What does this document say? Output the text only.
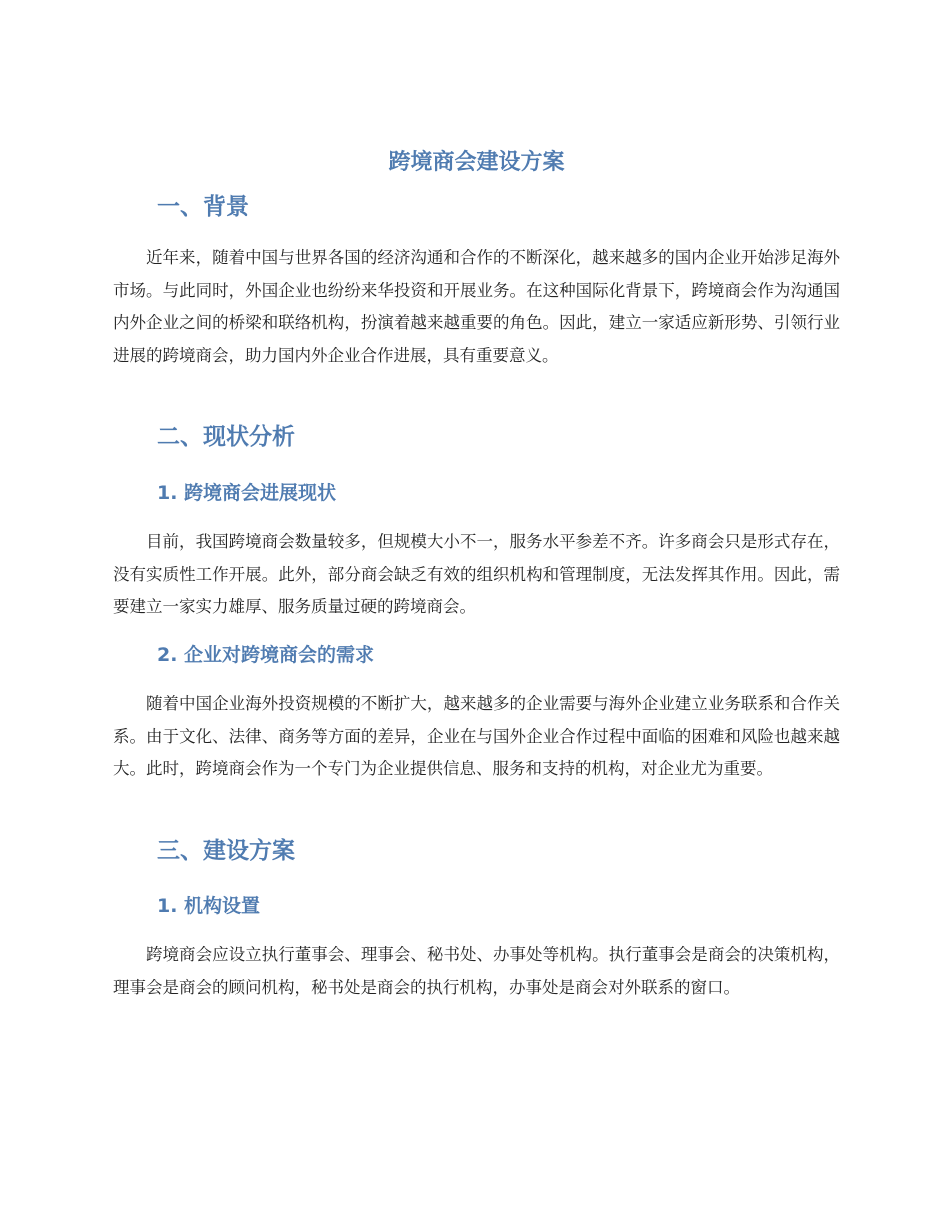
跨境商会建设方案
一、背景

近年来，随着中国与世界各国的经济沟通和合作的不断深化，越来越多的国内企业开始涉足海外市场。与此同时，外国企业也纷纷来华投资和开展业务。在这种国际化背景下，跨境商会作为沟通国内外企业之间的桥梁和联络机构，扮演着越来越重要的角色。因此，建立一家适应新形势、引领行业进展的跨境商会，助力国内外企业合作进展，具有重要意义。

二、现状分析
1. 跨境商会进展现状

目前，我国跨境商会数量较多，但规模大小不一，服务水平参差不齐。许多商会只是形式存在，没有实质性工作开展。此外，部分商会缺乏有效的组织机构和管理制度，无法发挥其作用。因此，需要建立一家实力雄厚、服务质量过硬的跨境商会。

2. 企业对跨境商会的需求

随着中国企业海外投资规模的不断扩大，越来越多的企业需要与海外企业建立业务联系和合作关系。由于文化、法律、商务等方面的差异，企业在与国外企业合作过程中面临的困难和风险也越来越大。此时，跨境商会作为一个专门为企业提供信息、服务和支持的机构，对企业尤为重要。

三、建设方案
1. 机构设置

跨境商会应设立执行董事会、理事会、秘书处、办事处等机构。执行董事会是商会的决策机构，理事会是商会的顾问机构，秘书处是商会的执行机构，办事处是商会对外联系的窗口。
